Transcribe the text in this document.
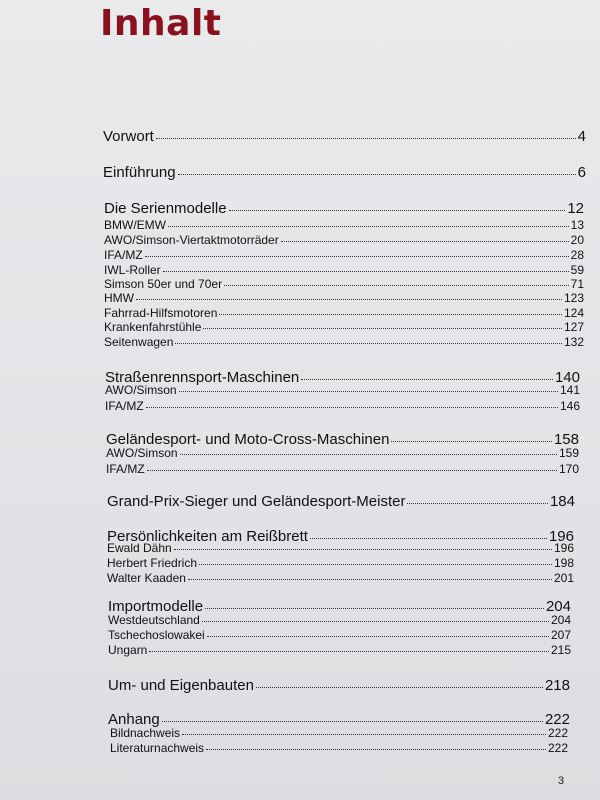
Inhalt
Vorwort	4
Einführung	6
Die Serienmodelle	12
BMW/EMW	13
AWO/Simson-Viertaktmotorräder	20
IFA/MZ	28
IWL-Roller	59
Simson 50er und 70er	71
HMW	123
Fahrrad-Hilfsmotoren	124
Krankenfahrstühle	127
Seitenwagen	132
Straßenrennsport-Maschinen	140
AWO/Simson	141
IFA/MZ	146
Geländesport- und Moto-Cross-Maschinen	158
AWO/Simson	159
IFA/MZ	170
Grand-Prix-Sieger und Geländesport-Meister	184
Persönlichkeiten am Reißbrett	196
Ewald Dähn	196
Herbert Friedrich	198
Walter Kaaden	201
Importmodelle	204
Westdeutschland	204
Tschechoslowakei	207
Ungarn	215
Um- und Eigenbauten	218
Anhang	222
Bildnachweis	222
Literaturnachweis	222
3
